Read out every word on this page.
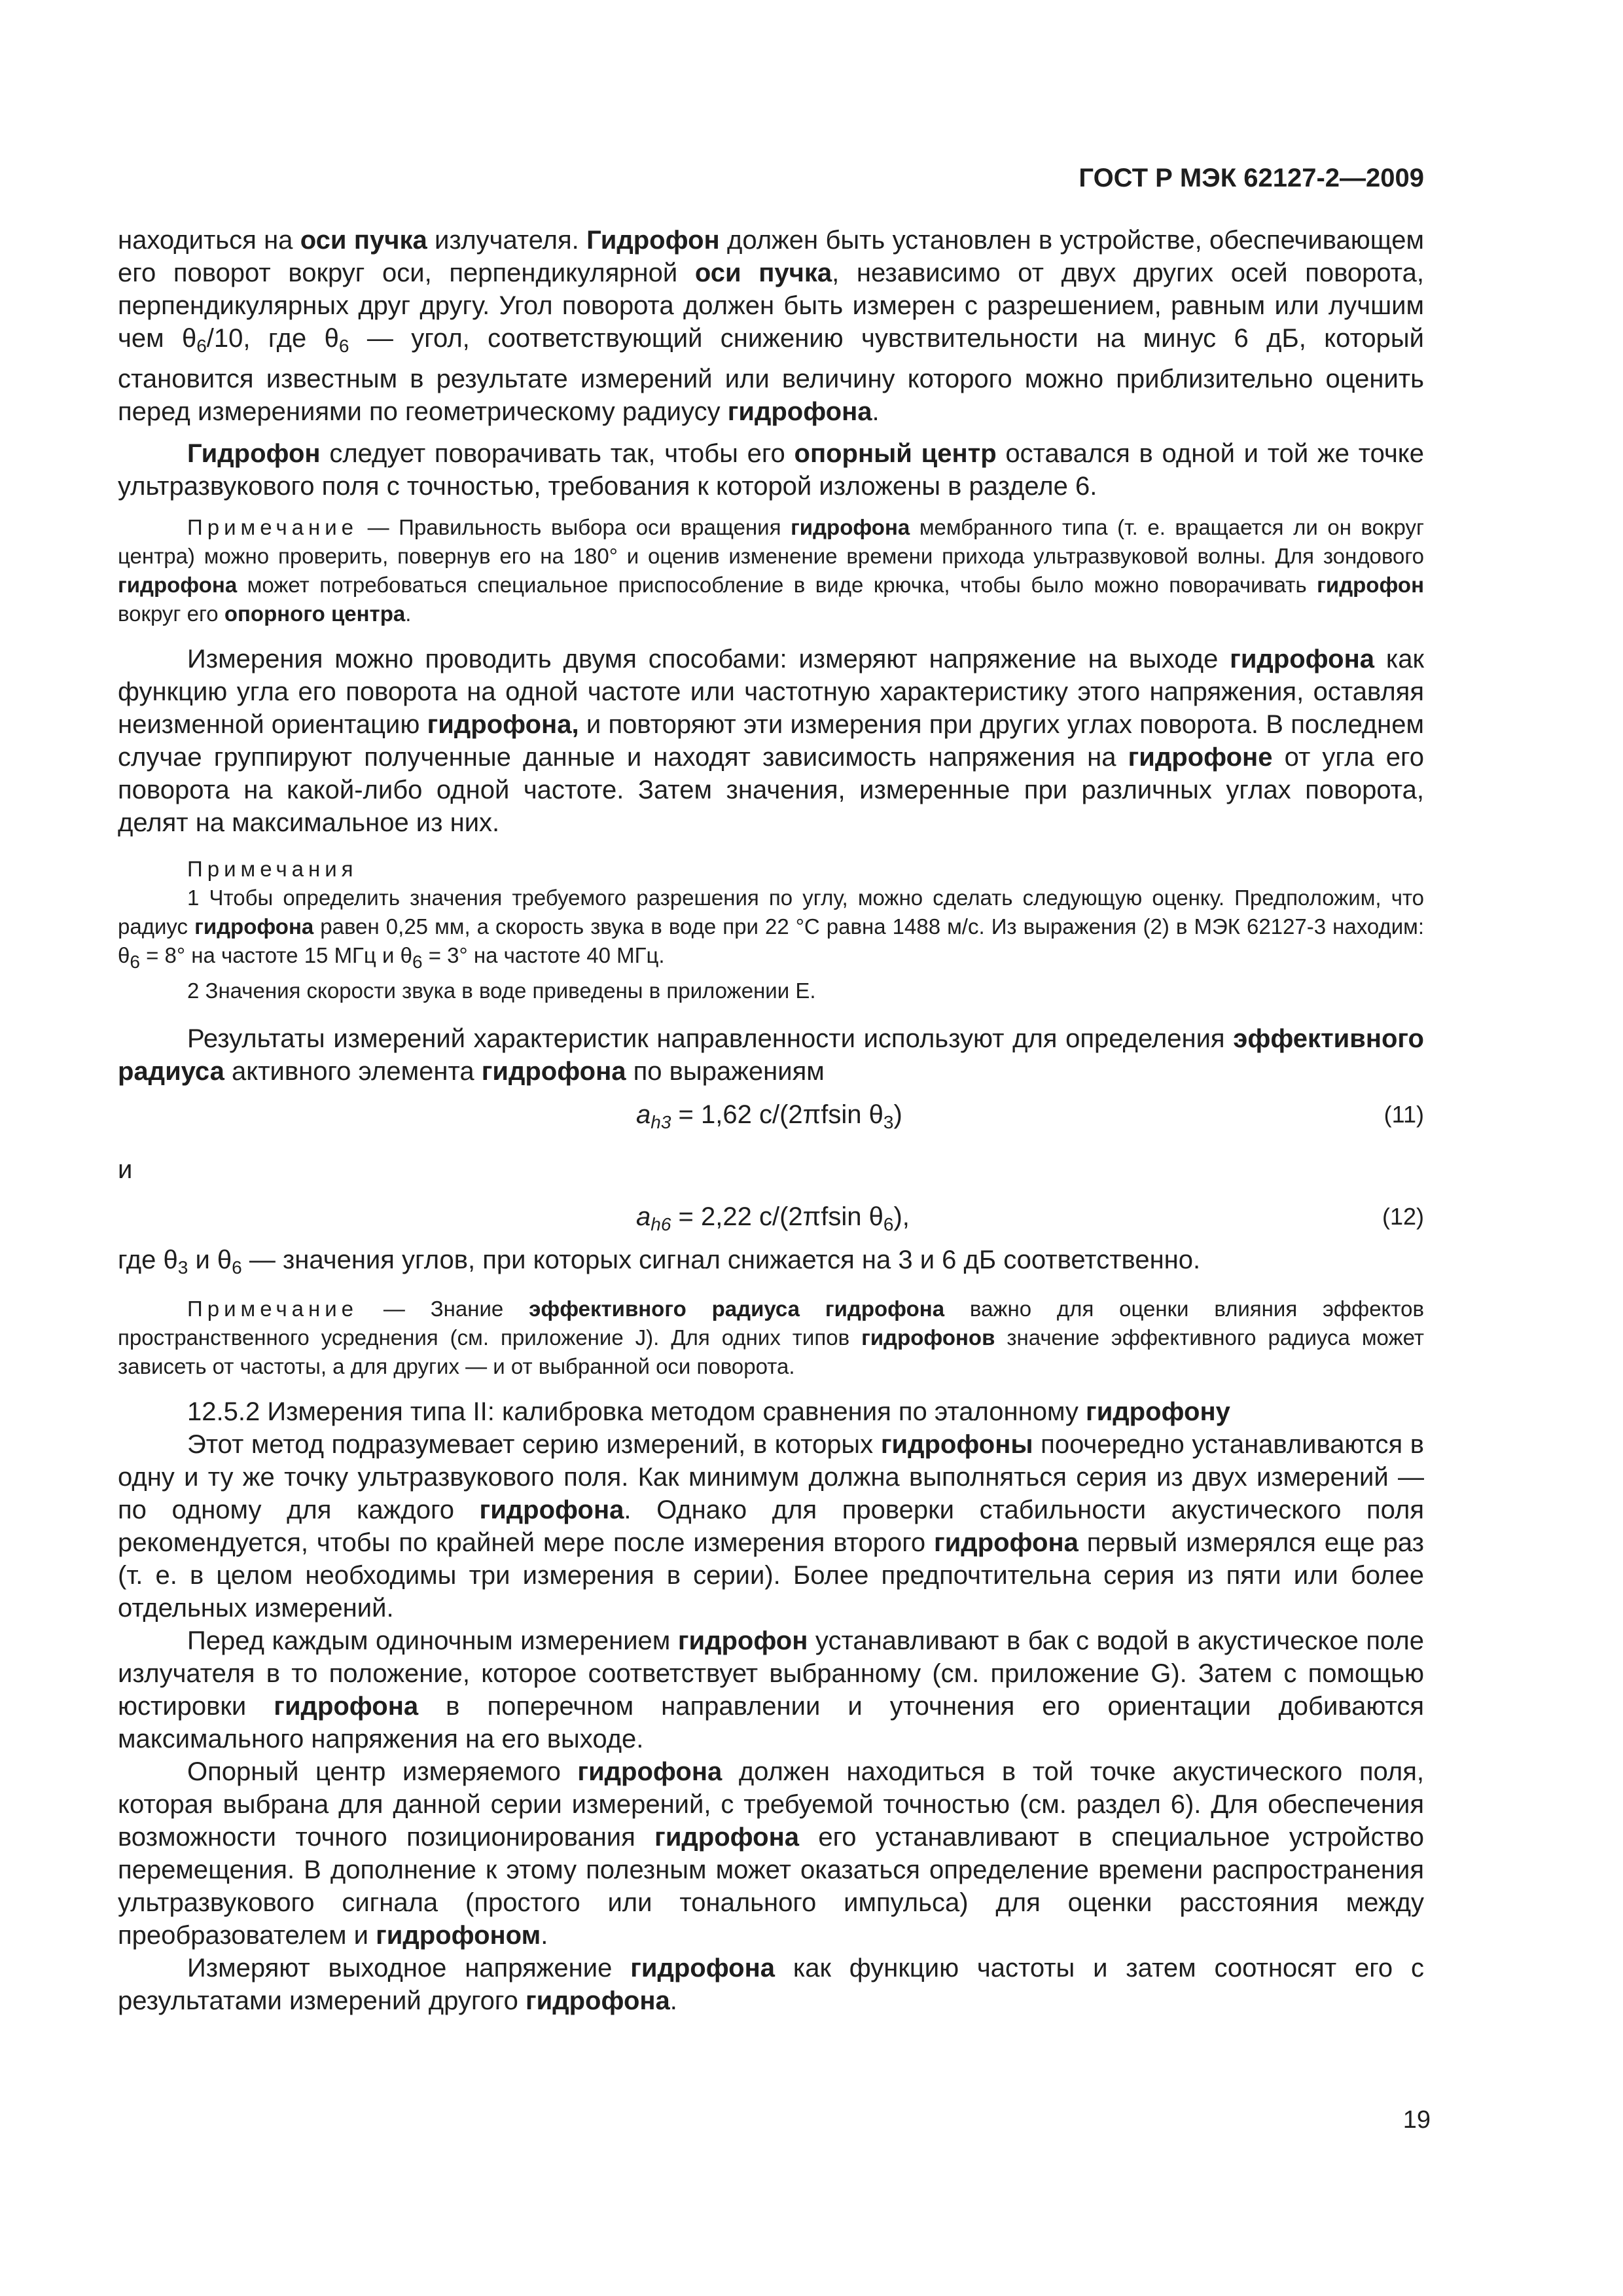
ГОСТ Р МЭК 62127-2—2009

находиться на оси пучка излучателя. Гидрофон должен быть установлен в устройстве, обеспечивающем его поворот вокруг оси, перпендикулярной оси пучка, независимо от двух других осей поворота, перпендикулярных друг другу. Угол поворота должен быть измерен с разрешением, равным или лучшим чем $\theta_6/10$, где $\theta_6$ — угол, соответствующий снижению чувствительности на минус 6 дБ, который становится известным в результате измерений или величину которого можно приблизительно оценить перед измерениями по геометрическому радиусу гидрофона.

Гидрофон следует поворачивать так, чтобы его опорный центр оставался в одной и той же точке ультразвукового поля с точностью, требования к которой изложены в разделе 6.

Примечание — Правильность выбора оси вращения гидрофона мембранного типа (т. е. вращается ли он вокруг центра) можно проверить, повернув его на 180° и оценив изменение времени прихода ультразвуковой волны. Для зондового гидрофона может потребоваться специальное приспособление в виде крючка, чтобы было можно поворачивать гидрофон вокруг его опорного центра.

Измерения можно проводить двумя способами: измеряют напряжение на выходе гидрофона как функцию угла его поворота на одной частоте или частотную характеристику этого напряжения, оставляя неизменной ориентацию гидрофона, и повторяют эти измерения при других углах поворота. В последнем случае группируют полученные данные и находят зависимость напряжения на гидрофоне от угла его поворота на какой-либо одной частоте. Затем значения, измеренные при различных углах поворота, делят на максимальное из них.

Примечания
1 Чтобы определить значения требуемого разрешения по углу, можно сделать следующую оценку. Предположим, что радиус гидрофона равен 0,25 мм, а скорость звука в воде при 22 °С равна 1488 м/с. Из выражения (2) в МЭК 62127-3 находим: $\theta_6 = 8^\circ$ на частоте 15 МГц и $\theta_6 = 3^\circ$ на частоте 40 МГц.
2 Значения скорости звука в воде приведены в приложении Е.

Результаты измерений характеристик направленности используют для определения эффективного радиуса активного элемента гидрофона по выражениям

$a_{h3} = 1,62$ c/(2πfsin $\theta_3$)	(11)
и
$a_{h6} = 2,22$ c/(2πfsin $\theta_6$),	(12)

где $\theta_3$ и $\theta_6$ — значения углов, при которых сигнал снижается на 3 и 6 дБ соответственно.

Примечание — Знание эффективного радиуса гидрофона важно для оценки влияния эффектов пространственного усреднения (см. приложение J). Для одних типов гидрофонов значение эффективного радиуса может зависеть от частоты, а для других — и от выбранной оси поворота.

12.5.2 Измерения типа II: калибровка методом сравнения по эталонному гидрофону

Этот метод подразумевает серию измерений, в которых гидрофоны поочередно устанавливаются в одну и ту же точку ультразвукового поля. Как минимум должна выполняться серия из двух измерений — по одному для каждого гидрофона. Однако для проверки стабильности акустического поля рекомендуется, чтобы по крайней мере после измерения второго гидрофона первый измерялся еще раз (т. е. в целом необходимы три измерения в серии). Более предпочтительна серия из пяти или более отдельных измерений.

Перед каждым одиночным измерением гидрофон устанавливают в бак с водой в акустическое поле излучателя в то положение, которое соответствует выбранному (см. приложение G). Затем с помощью юстировки гидрофона в поперечном направлении и уточнения его ориентации добиваются максимального напряжения на его выходе.

Опорный центр измеряемого гидрофона должен находиться в той точке акустического поля, которая выбрана для данной серии измерений, с требуемой точностью (см. раздел 6). Для обеспечения возможности точного позиционирования гидрофона его устанавливают в специальное устройство перемещения. В дополнение к этому полезным может оказаться определение времени распространения ультразвукового сигнала (простого или тонального импульса) для оценки расстояния между преобразователем и гидрофоном.

Измеряют выходное напряжение гидрофона как функцию частоты и затем соотносят его с результатами измерений другого гидрофона.

19
